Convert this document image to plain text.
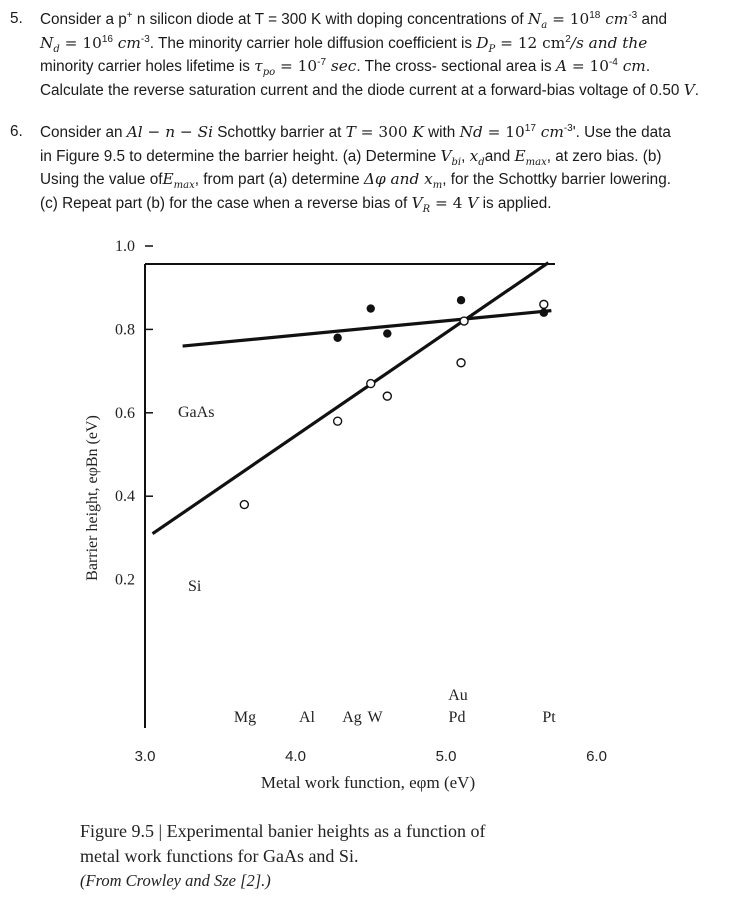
5.	Consider a p+ n silicon diode at T = 300 K with doping concentrations of $N_a = 10^{18}$ $cm^{-3}$ and
$N_d = 10^{16}$ $cm^{-3}$. The minority carrier hole diffusion coefficient is $D_P = 12$ $cm^2/s$ and the
minority carrier holes lifetime is $\tau_{po} = 10^{-7}$ sec. The cross- sectional area is $A = 10^{-4}$ cm.
Calculate the reverse saturation current and the diode current at a forward-bias voltage of 0.50 V.
6.	Consider an Al − n − Si Schottky barrier at T = 300 K with $Nd = 10^{17}$ $cm^{-3}'$. Use the data
in Figure 9.5 to determine the barrier height. (a) Determine $V_{bi}$, $x_dand$ $E_{max}$, at zero bias. (b)
Using the value ofE$_{max}$, from part (a) determine Δφ and $x_m$, for the Schottky barrier lowering.
(c) Repeat part (b) for the case when a reverse bias of $V_R = 4$ V is applied.
1.0
0.8
0.6
0.4
0.2
Barrier height, eφBn (eV)
3.0	4.0	5.0	6.0
Metal work function, eφm (eV)
Mg	Al Ag W
Au
Pd	Pt
GaAs
Si
Figure 9.5 | Experimental banier heights as a function of
metal work functions for GaAs and Si.
(From Crowley and Sze [2].)
